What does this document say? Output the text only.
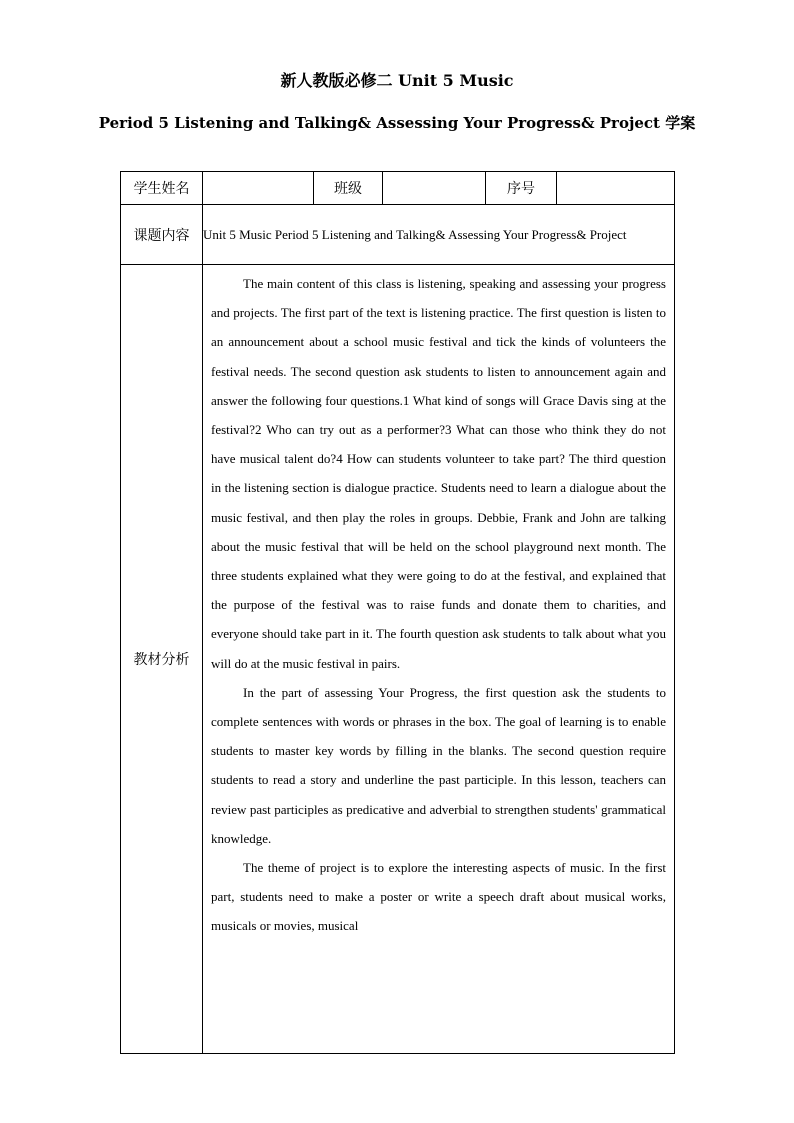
新人教版必修二 Unit 5 Music
Period 5 Listening and Talking& Assessing Your Progress& Project 学案
学生姓名		班级		序号	
课题内容	Unit 5 Music Period 5 Listening and Talking& Assessing Your Progress& Project				
教材分析	The main content of this class is listening, speaking and assessing your progress and projects. The first part of the text is listening practice. The first question is listen to an announcement about a school music festival and tick the kinds of volunteers the festival needs. The second question ask students to listen to announcement again and answer the following four questions.1 What kind of songs will Grace Davis sing at the festival?2 Who can try out as a performer?3 What can those who think they do not have musical talent do?4 How can students volunteer to take part? The third question in the listening section is dialogue practice. Students need to learn a dialogue about the music festival, and then play the roles in groups. Debbie, Frank and John are talking about the music festival that will be held on the school playground next month. The three students explained what they were going to do at the festival, and explained that the purpose of the festival was to raise funds and donate them to charities, and everyone should take part in it. The fourth question ask students to talk about what you will do at the music festival in pairs.

In the part of assessing Your Progress, the first question ask the students to complete sentences with words or phrases in the box. The goal of learning is to enable students to master key words by filling in the blanks. The second question require students to read a story and underline the past participle. In this lesson, teachers can review past participles as predicative and adverbial to strengthen students' grammatical knowledge.

The theme of project is to explore the interesting aspects of music. In the first part, students need to make a poster or write a speech draft about musical works, musicals or movies, musical				
